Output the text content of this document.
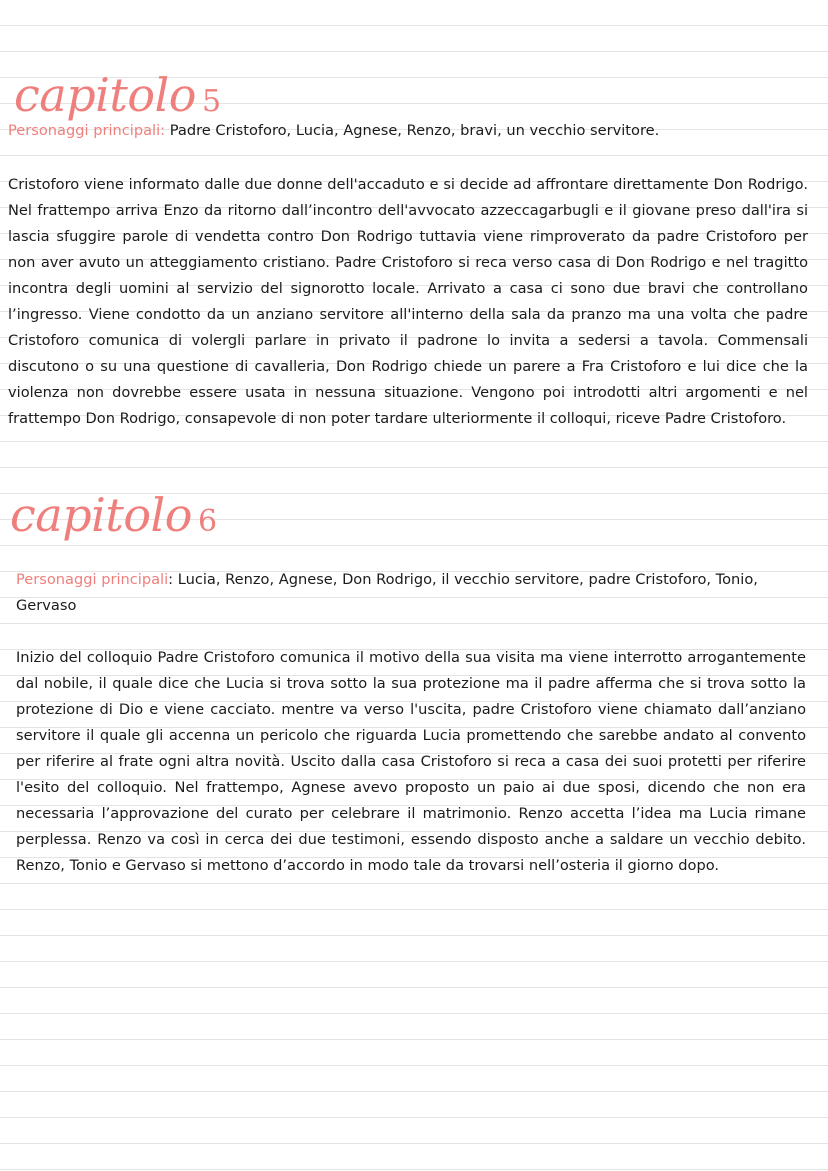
capitolo 5
Personaggi principali: Padre Cristoforo, Lucia, Agnese, Renzo, bravi, un vecchio servitore.
Cristoforo viene informato dalle due donne dell'accaduto e si decide ad affrontare direttamente Don Rodrigo. Nel frattempo arriva Enzo da ritorno dall’incontro dell'avvocato azzeccagarbugli e il giovane preso dall'ira si lascia sfuggire parole di vendetta contro Don Rodrigo tuttavia viene rimproverato da padre Cristoforo per non aver avuto un atteggiamento cristiano. Padre Cristoforo si reca verso casa di Don Rodrigo e nel tragitto incontra degli uomini al servizio del signorotto locale. Arrivato a casa ci sono due bravi che controllano l’ingresso. Viene condotto da un anziano servitore all'interno della sala da pranzo ma una volta che padre Cristoforo comunica di volergli parlare in privato il padrone lo invita a sedersi a tavola. Commensali discutono o su una questione di cavalleria, Don Rodrigo chiede un parere a Fra Cristoforo e lui dice che la violenza non dovrebbe essere usata in nessuna situazione. Vengono poi introdotti altri argomenti e nel frattempo Don Rodrigo, consapevole di non poter tardare ulteriormente il colloqui, riceve Padre Cristoforo.
capitolo 6
Personaggi principali: Lucia, Renzo, Agnese, Don Rodrigo, il vecchio servitore, padre Cristoforo, Tonio, Gervaso
Inizio del colloquio Padre Cristoforo comunica il motivo della sua visita ma viene interrotto arrogantemente dal nobile, il quale dice che Lucia si trova sotto la sua protezione ma il padre afferma che si trova sotto la protezione di Dio e viene cacciato. mentre va verso l'uscita, padre Cristoforo viene chiamato dall’anziano servitore il quale gli accenna un pericolo che riguarda Lucia promettendo che sarebbe andato al convento per riferire al frate ogni altra novità. Uscito dalla casa Cristoforo si reca a casa dei suoi protetti per riferire l'esito del colloquio. Nel frattempo, Agnese avevo proposto un paio ai due sposi, dicendo che non era necessaria l’approvazione del curato per celebrare il matrimonio. Renzo accetta l’idea ma Lucia rimane perplessa. Renzo va così in cerca dei due testimoni, essendo disposto anche a saldare un vecchio debito. Renzo, Tonio e Gervaso si mettono d’accordo in modo tale da trovarsi nell’osteria il giorno dopo.
